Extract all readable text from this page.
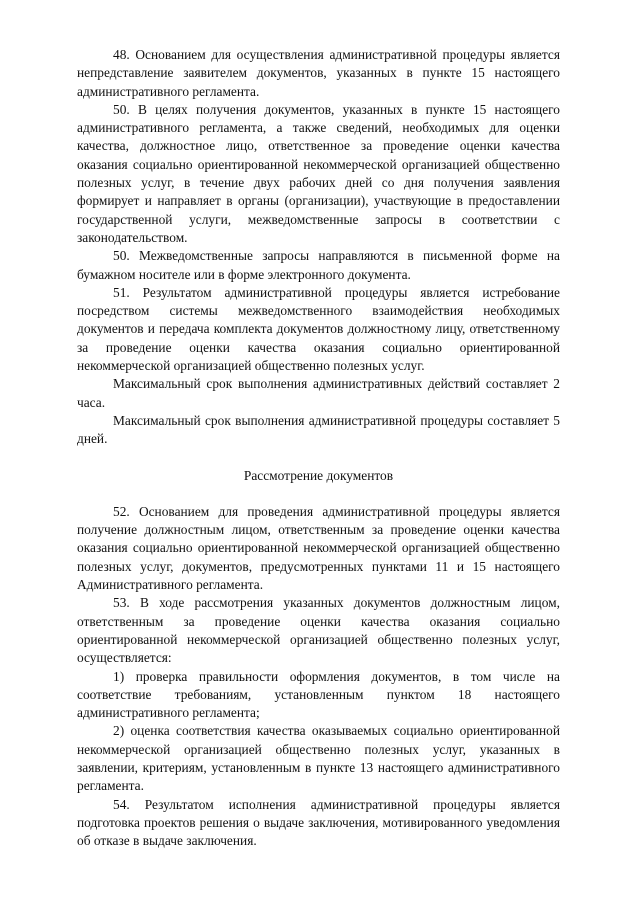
48. Основанием для осуществления административной процедуры является непредставление заявителем документов, указанных в пункте 15 настоящего административного регламента.

50. В целях получения документов, указанных в пункте 15 настоящего административного регламента, а также сведений, необходимых для оценки качества, должностное лицо, ответственное за проведение оценки качества оказания социально ориентированной некоммерческой организацией общественно полезных услуг, в течение двух рабочих дней со дня получения заявления формирует и направляет в органы (организации), участвующие в предоставлении государственной услуги, межведомственные запросы в соответствии с законодательством.

50. Межведомственные запросы направляются в письменной форме на бумажном носителе или в форме электронного документа.

51. Результатом административной процедуры является истребование посредством системы межведомственного взаимодействия необходимых документов и передача комплекта документов должностному лицу, ответственному за проведение оценки качества оказания социально ориентированной некоммерческой организацией общественно полезных услуг.

Максимальный срок выполнения административных действий составляет 2 часа.

Максимальный срок выполнения административной процедуры составляет 5 дней.

Рассмотрение документов

52. Основанием для проведения административной процедуры является получение должностным лицом, ответственным за проведение оценки качества оказания социально ориентированной некоммерческой организацией общественно полезных услуг, документов, предусмотренных пунктами 11 и 15 настоящего Административного регламента.

53. В ходе рассмотрения указанных документов должностным лицом, ответственным за проведение оценки качества оказания социально ориентированной некоммерческой организацией общественно полезных услуг, осуществляется:

1) проверка правильности оформления документов, в том числе на соответствие требованиям, установленным пунктом 18 настоящего административного регламента;

2) оценка соответствия качества оказываемых социально ориентированной некоммерческой организацией общественно полезных услуг, указанных в заявлении, критериям, установленным в пункте 13 настоящего административного регламента.

54. Результатом исполнения административной процедуры является подготовка проектов решения о выдаче заключения, мотивированного уведомления об отказе в выдаче заключения.
